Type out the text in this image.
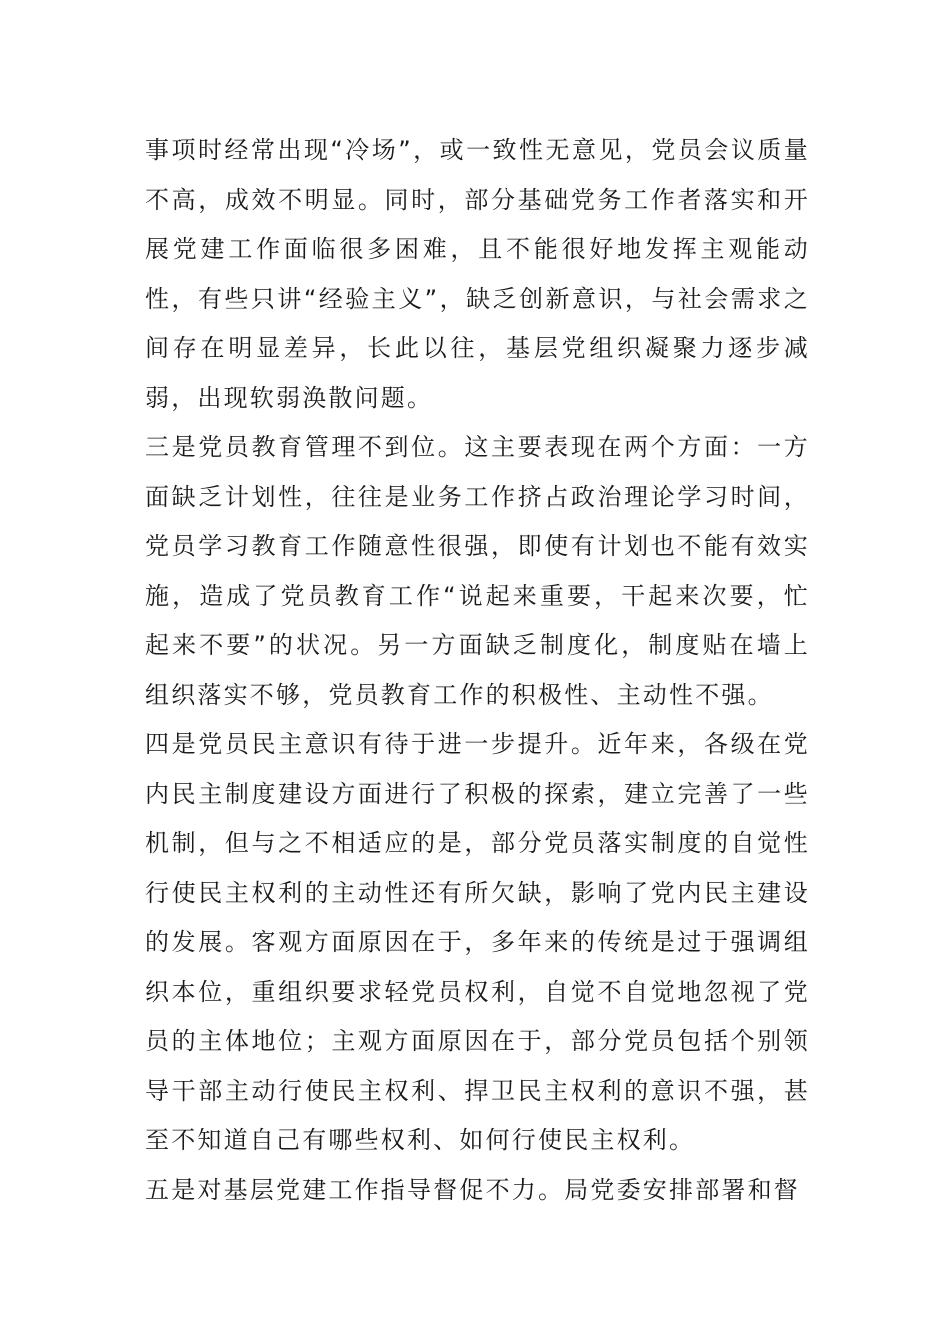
事项时经常出现“冷场”，或一致性无意见，党员会议质量不高，成效不明显。同时，部分基础党务工作者落实和开展党建工作面临很多困难，且不能很好地发挥主观能动性，有些只讲“经验主义”，缺乏创新意识，与社会需求之间存在明显差异，长此以往，基层党组织凝聚力逐步减弱，出现软弱涣散问题。

三是党员教育管理不到位。这主要表现在两个方面：一方面缺乏计划性，往往是业务工作挤占政治理论学习时间，党员学习教育工作随意性很强，即使有计划也不能有效实施，造成了党员教育工作“说起来重要，干起来次要，忙起来不要”的状况。另一方面缺乏制度化，制度贴在墙上组织落实不够，党员教育工作的积极性、主动性不强。

四是党员民主意识有待于进一步提升。近年来，各级在党内民主制度建设方面进行了积极的探索，建立完善了一些机制，但与之不相适应的是，部分党员落实制度的自觉性行使民主权利的主动性还有所欠缺，影响了党内民主建设的发展。客观方面原因在于，多年来的传统是过于强调组织本位，重组织要求轻党员权利，自觉不自觉地忽视了党员的主体地位；主观方面原因在于，部分党员包括个别领导干部主动行使民主权利、捍卫民主权利的意识不强，甚至不知道自己有哪些权利、如何行使民主权利。

五是对基层党建工作指导督促不力。局党委安排部署和督
